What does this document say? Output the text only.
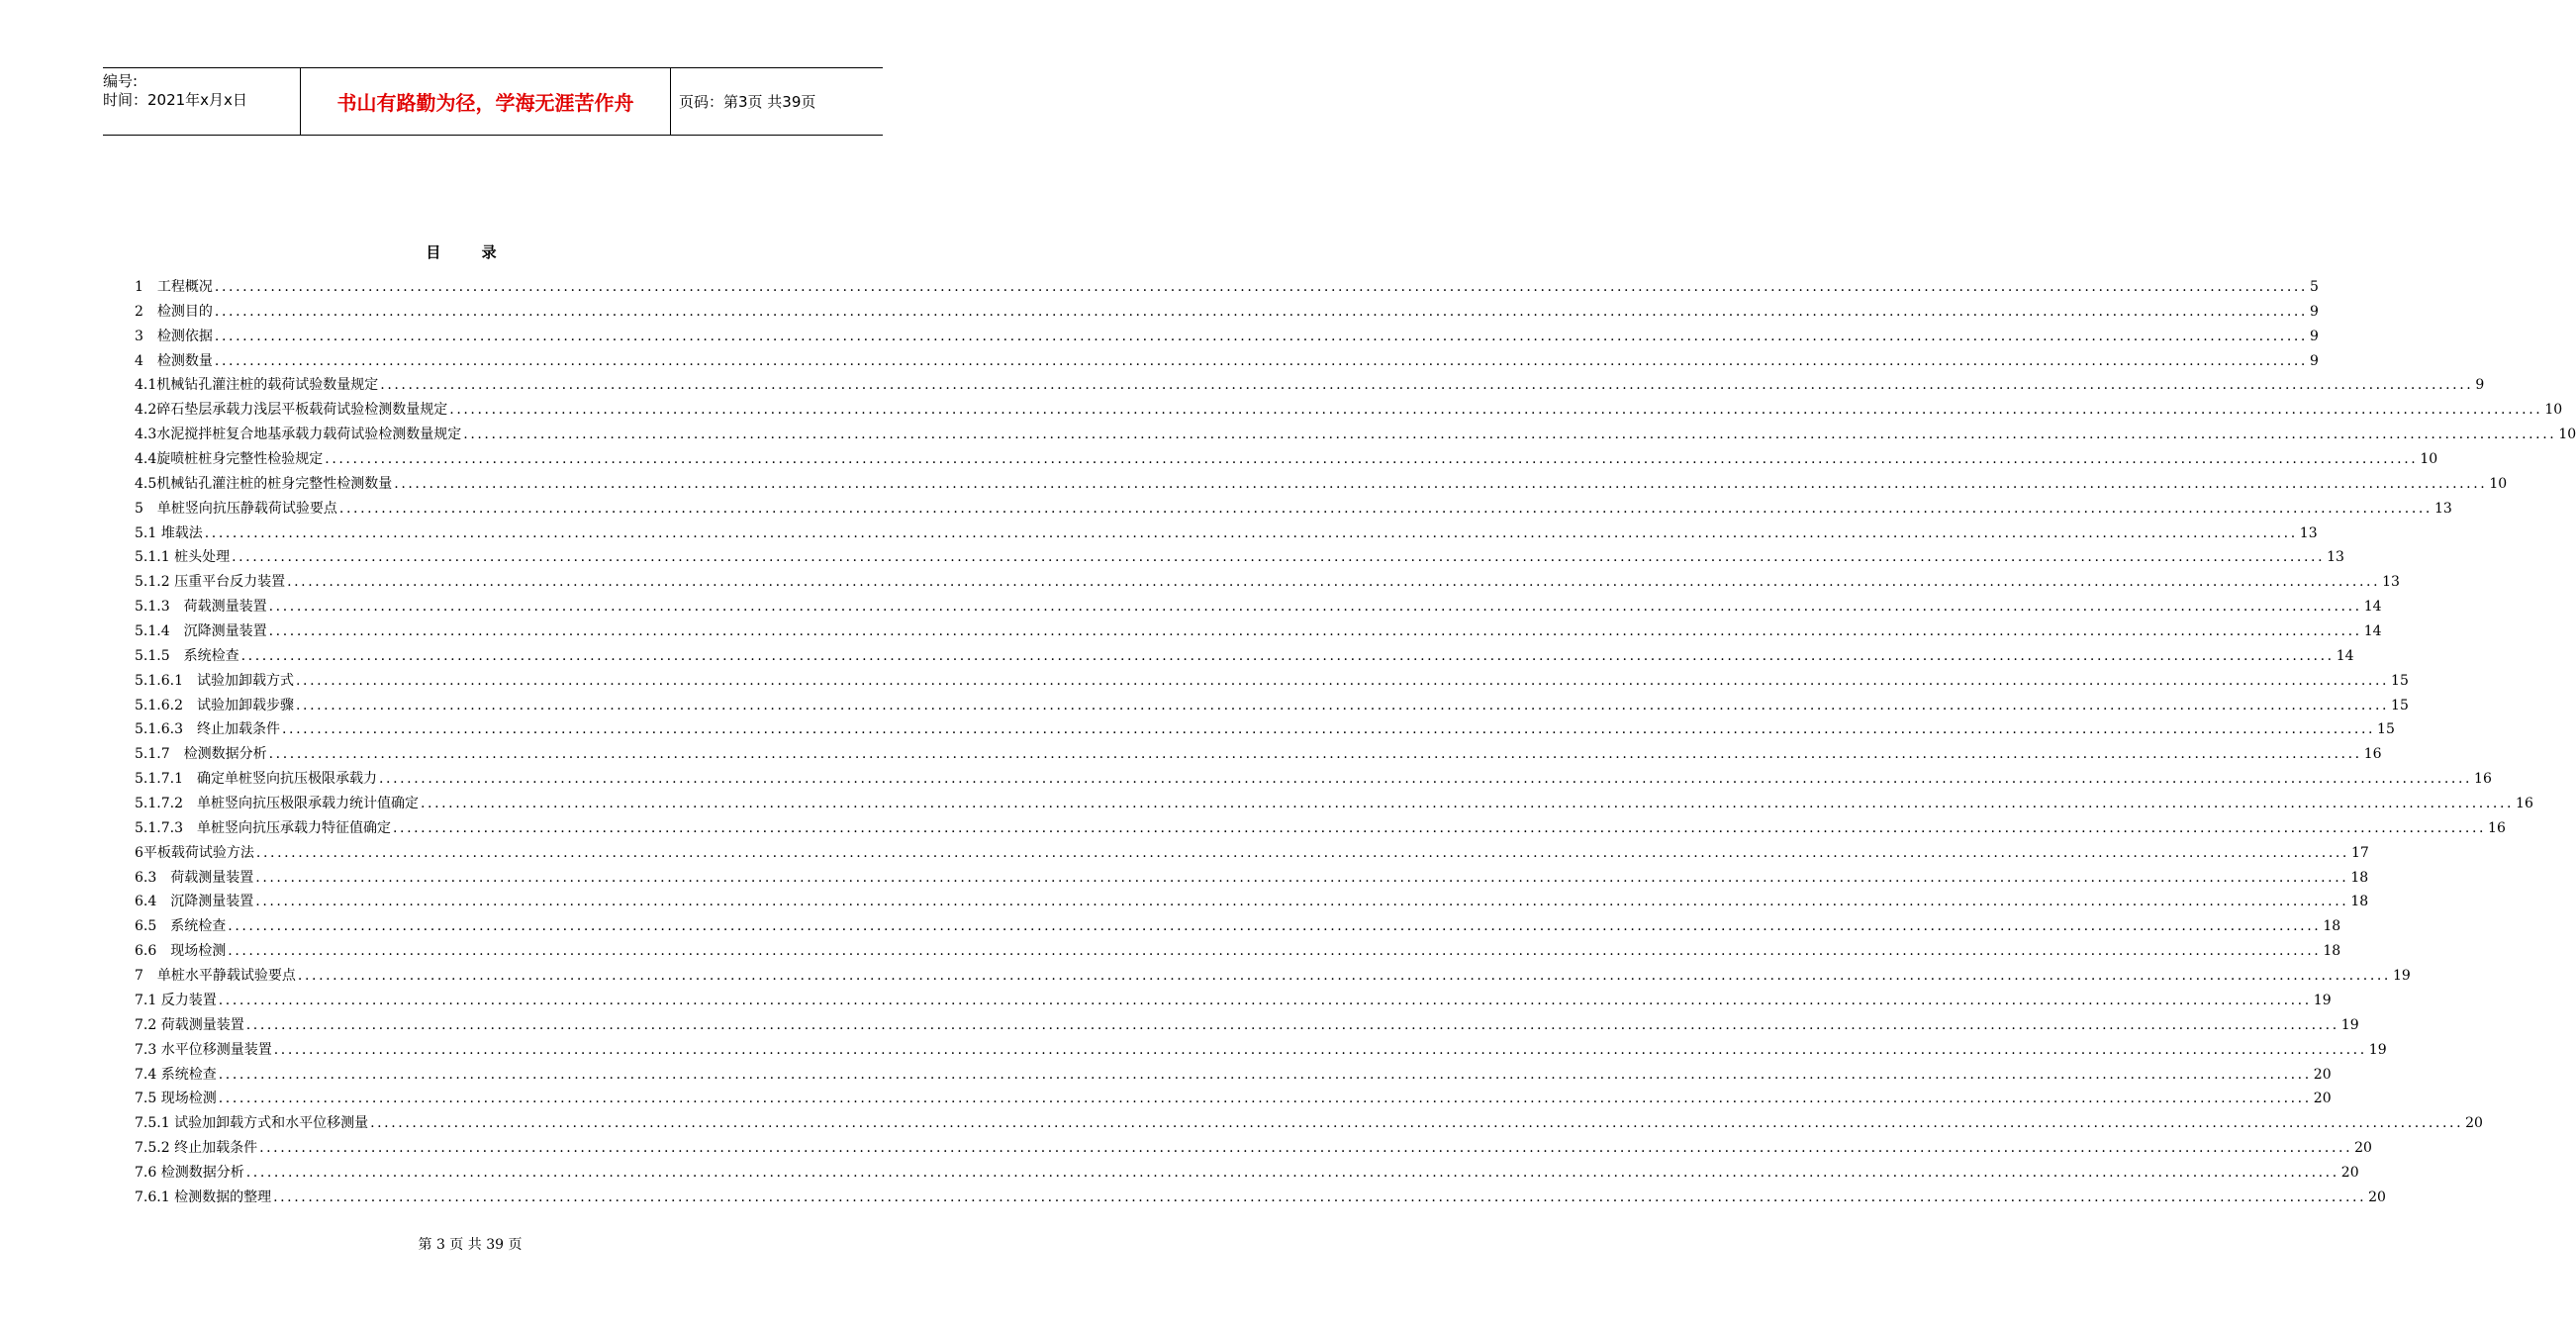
编号:
时间：2021年x月x日	书山有路勤为径，学海无涯苦作舟	页码：第3页 共39页
目 录
1　工程概况 ............................................................................................................................................................................................................................................................................................................ 5
2　检测目的 ............................................................................................................................................................................................................................................................................................................ 9
3　检测依据 ............................................................................................................................................................................................................................................................................................................ 9
4　检测数量 ............................................................................................................................................................................................................................................................................................................ 9
4.1机械钻孔灌注桩的载荷试验数量规定 ............................................................................................................................................................................................................................................................................................................ 9
4.2碎石垫层承载力浅层平板载荷试验检测数量规定 ............................................................................................................................................................................................................................................................................................................ 10
4.3水泥搅拌桩复合地基承载力载荷试验检测数量规定 ............................................................................................................................................................................................................................................................................................................ 10
4.4旋喷桩桩身完整性检验规定 ............................................................................................................................................................................................................................................................................................................ 10
4.5机械钻孔灌注桩的桩身完整性检测数量 ............................................................................................................................................................................................................................................................................................................ 10
5　单桩竖向抗压静载荷试验要点 ............................................................................................................................................................................................................................................................................................................ 13
5.1 堆载法 ............................................................................................................................................................................................................................................................................................................ 13
5.1.1 桩头处理 ............................................................................................................................................................................................................................................................................................................ 13
5.1.2 压重平台反力装置 ............................................................................................................................................................................................................................................................................................................ 13
5.1.3　荷载测量装置 ............................................................................................................................................................................................................................................................................................................ 14
5.1.4　沉降测量装置 ............................................................................................................................................................................................................................................................................................................ 14
5.1.5　系统检查 ............................................................................................................................................................................................................................................................................................................ 14
5.1.6.1　试验加卸载方式 ............................................................................................................................................................................................................................................................................................................ 15
5.1.6.2　试验加卸载步骤 ............................................................................................................................................................................................................................................................................................................ 15
5.1.6.3　终止加载条件 ............................................................................................................................................................................................................................................................................................................ 15
5.1.7　检测数据分析 ............................................................................................................................................................................................................................................................................................................ 16
5.1.7.1　确定单桩竖向抗压极限承载力 ............................................................................................................................................................................................................................................................................................................ 16
5.1.7.2　单桩竖向抗压极限承载力统计值确定 ............................................................................................................................................................................................................................................................................................................ 16
5.1.7.3　单桩竖向抗压承载力特征值确定 ............................................................................................................................................................................................................................................................................................................ 16
6平板载荷试验方法 ............................................................................................................................................................................................................................................................................................................ 17
6.3　荷载测量装置 ............................................................................................................................................................................................................................................................................................................ 18
6.4　沉降测量装置 ............................................................................................................................................................................................................................................................................................................ 18
6.5　系统检查 ............................................................................................................................................................................................................................................................................................................ 18
6.6　现场检测 ............................................................................................................................................................................................................................................................................................................ 18
7　单桩水平静载试验要点 ............................................................................................................................................................................................................................................................................................................ 19
7.1 反力装置 ............................................................................................................................................................................................................................................................................................................ 19
7.2 荷载测量装置 ............................................................................................................................................................................................................................................................................................................ 19
7.3 水平位移测量装置 ............................................................................................................................................................................................................................................................................................................ 19
7.4 系统检查 ............................................................................................................................................................................................................................................................................................................ 20
7.5 现场检测 ............................................................................................................................................................................................................................................................................................................ 20
7.5.1 试验加卸载方式和水平位移测量 ............................................................................................................................................................................................................................................................................................................ 20
7.5.2 终止加载条件 ............................................................................................................................................................................................................................................................................................................ 20
7.6 检测数据分析 ............................................................................................................................................................................................................................................................................................................ 20
7.6.1 检测数据的整理 ............................................................................................................................................................................................................................................................................................................ 20
第 3 页 共 39 页
